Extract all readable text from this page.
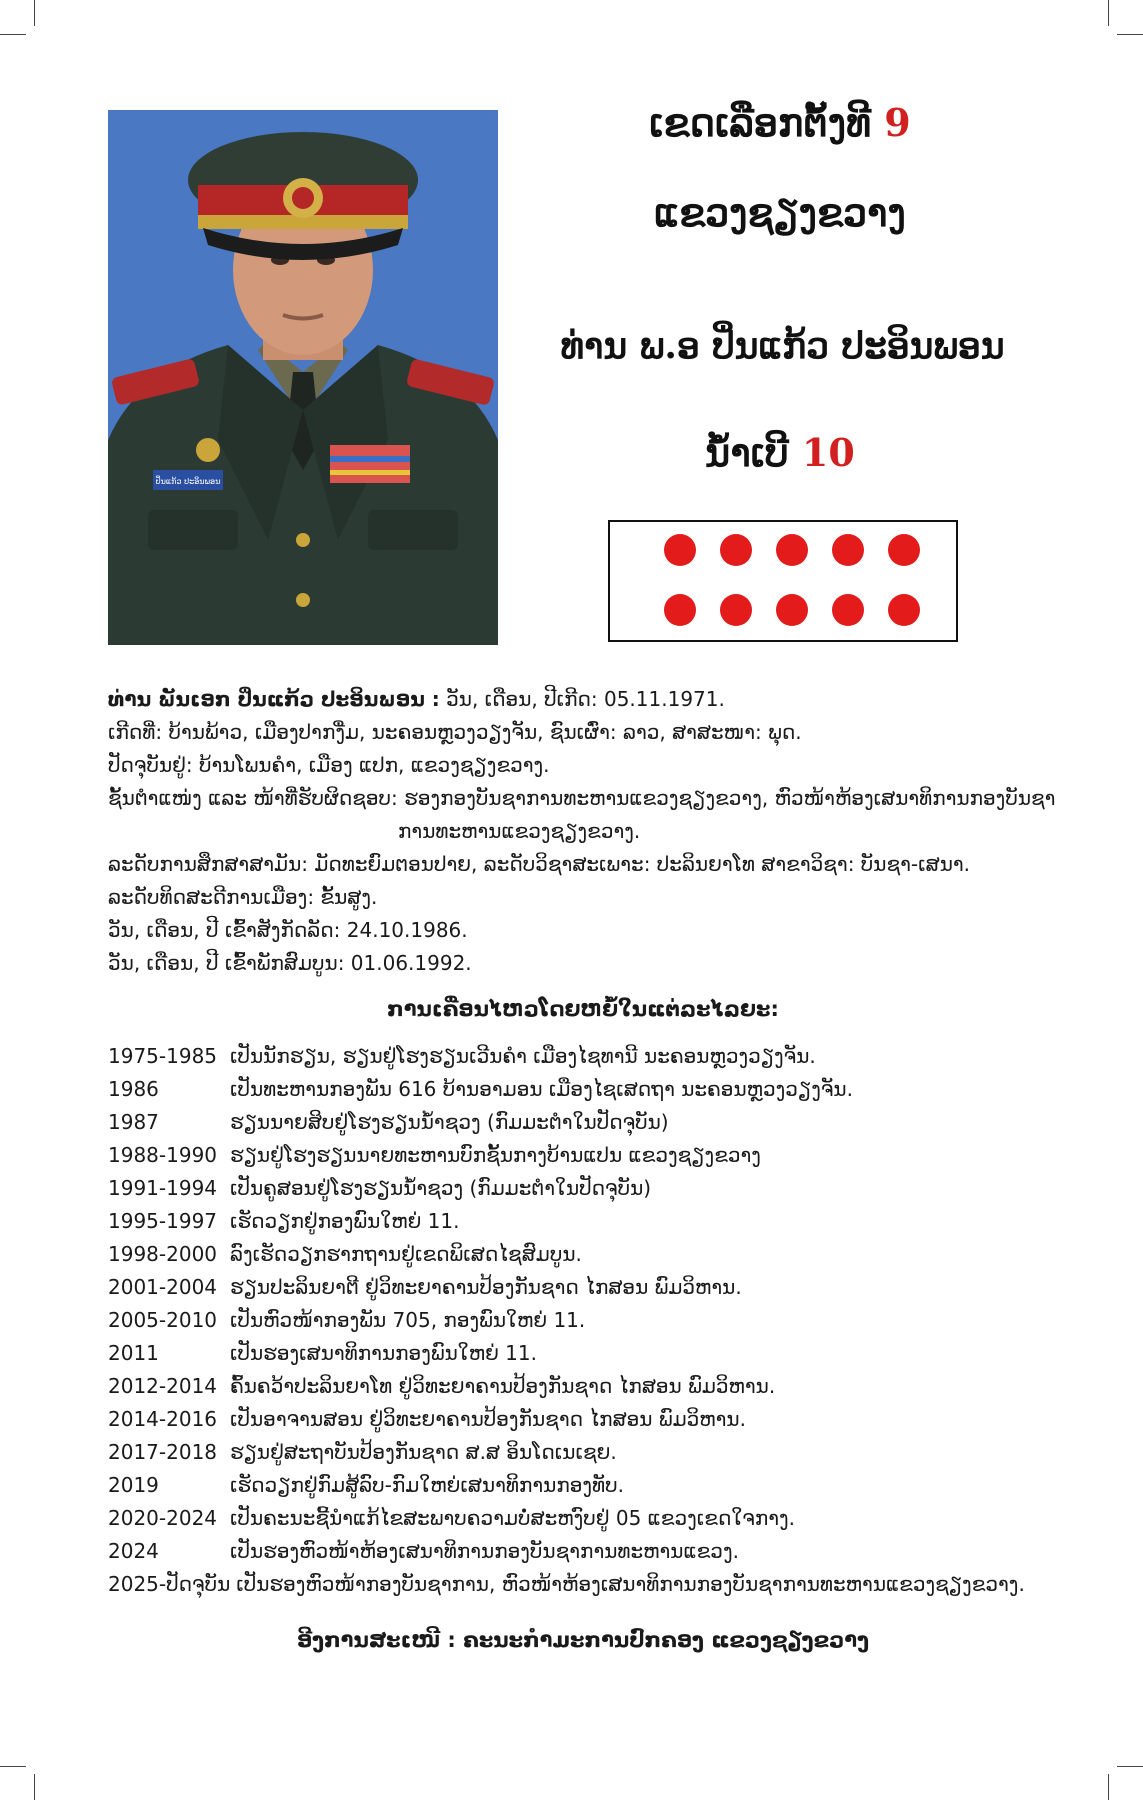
ປິ່ນແກ້ວ ປະອິນພອນ
ເຂດເລືອກຕັ້ງທີ 9
ແຂວງຊຽງຂວາງ
ທ່ານ ພ.ອ ປິ່ນແກ້ວ ປະອິນພອນ
ນໍ້າເບີ 10

ທ່ານ ພັນເອກ ປິ່ນແກ້ວ ປະອິນພອນ : ວັນ, ເດືອນ, ປີເກີດ: 05.11.1971.

ເກີດທີ່: ບ້ານພ້າວ, ເມືອງປາກງື່ມ, ນະຄອນຫຼວງວຽງຈັນ, ຊົນເຜົ່າ: ລາວ, ສາສະໜາ: ພຸດ.

ປັດຈຸບັນຢູ່: ບ້ານໂພນຄໍາ, ເມືອງ ແປກ, ແຂວງຊຽງຂວາງ.

ຊັ້ນຕໍາແໜ່ງ ແລະ ໜ້າທີ່ຮັບຜິດຊອບ: ຮອງກອງບັນຊາການທະຫານແຂວງຊຽງຂວາງ, ຫົວໜ້າຫ້ອງເສນາທິການກອງບັນຊາ

ການທະຫານແຂວງຊຽງຂວາງ.

ລະດັບການສຶກສາສາມັນ: ມັດທະຍົມຕອນປາຍ, ລະດັບວິຊາສະເພາະ: ປະລິນຍາໂທ ສາຂາວິຊາ: ບັນຊາ-ເສນາ.

ລະດັບທິດສະດີການເມືອງ: ຂັ້ນສູງ.

ວັນ, ເດືອນ, ປີ ເຂົ້າສັງກັດລັດ: 24.10.1986.

ວັນ, ເດືອນ, ປີ ເຂົ້າພັກສົມບູນ: 01.06.1992.

ການເຄື່ອນໄຫວໂດຍຫຍໍ້ໃນແຕ່ລະໄລຍະ:
1975-1985 ເປັນນັກຮຽນ, ຮຽນຢູ່ໂຮງຮຽນເວີນຄໍາ ເມືອງໄຊທານີ ນະຄອນຫຼວງວຽງຈັນ.
1986	ເປັນທະຫານກອງພັນ 616 ບ້ານອາມອນ ເມືອງໄຊເສດຖາ ນະຄອນຫຼວງວຽງຈັນ.
1987	ຮຽນນາຍສິບຢູ່ໂຮງຮຽນນໍ້າຊວງ (ກົມມະຕໍາໃນປັດຈຸບັນ)
1988-1990 ຮຽນຢູ່ໂຮງຮຽນນາຍທະຫານບົກຊັ້ນກາງບ້ານແປນ ແຂວງຊຽງຂວາງ
1991-1994 ເປັນຄູສອນຢູ່ໂຮງຮຽນນໍ້າຊວງ (ກົມມະຕໍາໃນປັດຈຸບັນ)
1995-1997 ເຮັດວຽກຢູ່ກອງພົນໃຫຍ່ 11.
1998-2000 ລົງເຮັດວຽກຮາກຖານຢູ່ເຂດພິເສດໄຊສົມບູນ.
2001-2004 ຮຽນປະລິນຍາຕີ ຢູ່ວິທະຍາຄານປ້ອງກັນຊາດ ໄກສອນ ພົມວິຫານ.
2005-2010 ເປັນຫົວໜ້າກອງພັນ 705, ກອງພົນໃຫຍ່ 11.
2011	ເປັນຮອງເສນາທິການກອງພົນໃຫຍ່ 11.
2012-2014 ຄົ້ນຄວ້າປະລິນຍາໂທ ຢູ່ວິທະຍາຄານປ້ອງກັນຊາດ ໄກສອນ ພົມວິຫານ.
2014-2016 ເປັນອາຈານສອນ ຢູ່ວິທະຍາຄານປ້ອງກັນຊາດ ໄກສອນ ພົມວິຫານ.
2017-2018 ຮຽນຢູ່ສະຖາບັນປ້ອງກັນຊາດ ສ.ສ ອິນໂດເນເຊຍ.
2019	ເຮັດວຽກຢູ່ກົມສູ້ລົບ-ກົມໃຫຍ່ເສນາທິການກອງທັບ.
2020-2024 ເປັນຄະນະຊີ້ນໍາແກ້ໄຂສະພາບຄວາມບໍ່ສະຫງົບຢູ່ 05 ແຂວງເຂດໃຈກາງ.
2024	ເປັນຮອງຫົວໜ້າຫ້ອງເສນາທິການກອງບັນຊາການທະຫານແຂວງ.
2025-ປັດຈຸບັນ ເປັນຮອງຫົວໜ້າກອງບັນຊາການ, ຫົວໜ້າຫ້ອງເສນາທິການກອງບັນຊາການທະຫານແຂວງຊຽງຂວາງ.
ອີງການສະເໜີ : ຄະນະກໍາມະການປົກຄອງ ແຂວງຊຽງຂວາງ
